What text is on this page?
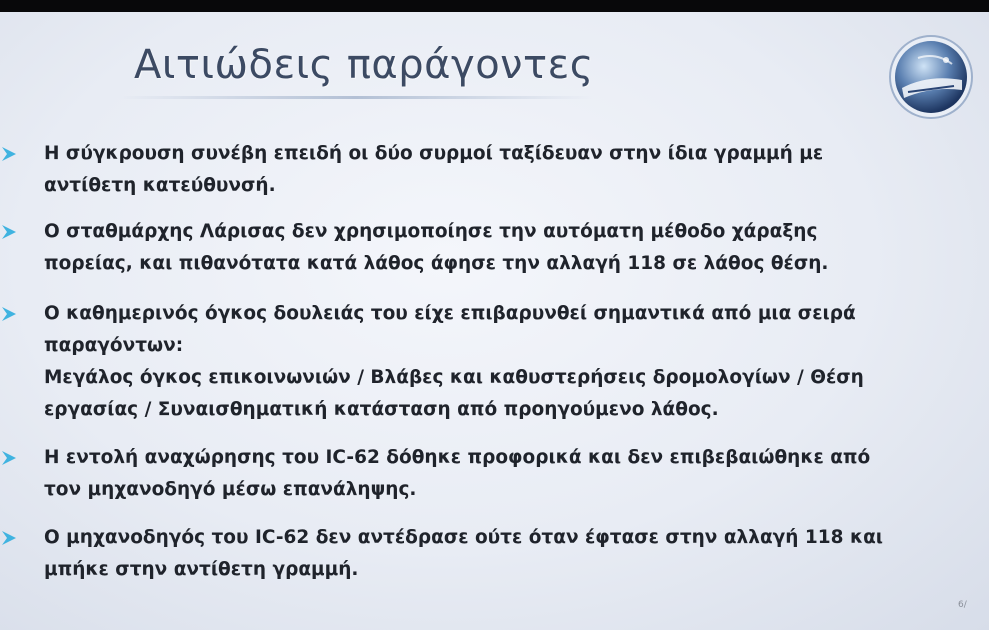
Αιτιώδεις παράγοντες
Η σύγκρουση συνέβη επειδή οι δύο συρμοί ταξίδευαν στην ίδια γραμμή με
αντίθετη κατεύθυνσή.
Ο σταθμάρχης Λάρισας δεν χρησιμοποίησε την αυτόματη μέθοδο χάραξης
πορείας, και πιθανότατα κατά λάθος άφησε την αλλαγή 118 σε λάθος θέση.
Ο καθημερινός όγκος δουλειάς του είχε επιβαρυνθεί σημαντικά από μια σειρά
παραγόντων:
Μεγάλος όγκος επικοινωνιών / Βλάβες και καθυστερήσεις δρομολογίων / Θέση
εργασίας / Συναισθηματική κατάσταση από προηγούμενο λάθος.
Η εντολή αναχώρησης του IC-62 δόθηκε προφορικά και δεν επιβεβαιώθηκε από
τον μηχανοδηγό μέσω επανάληψης.
Ο μηχανοδηγός του IC-62 δεν αντέδρασε ούτε όταν έφτασε στην αλλαγή 118 και
μπήκε στην αντίθετη γραμμή.
6/
